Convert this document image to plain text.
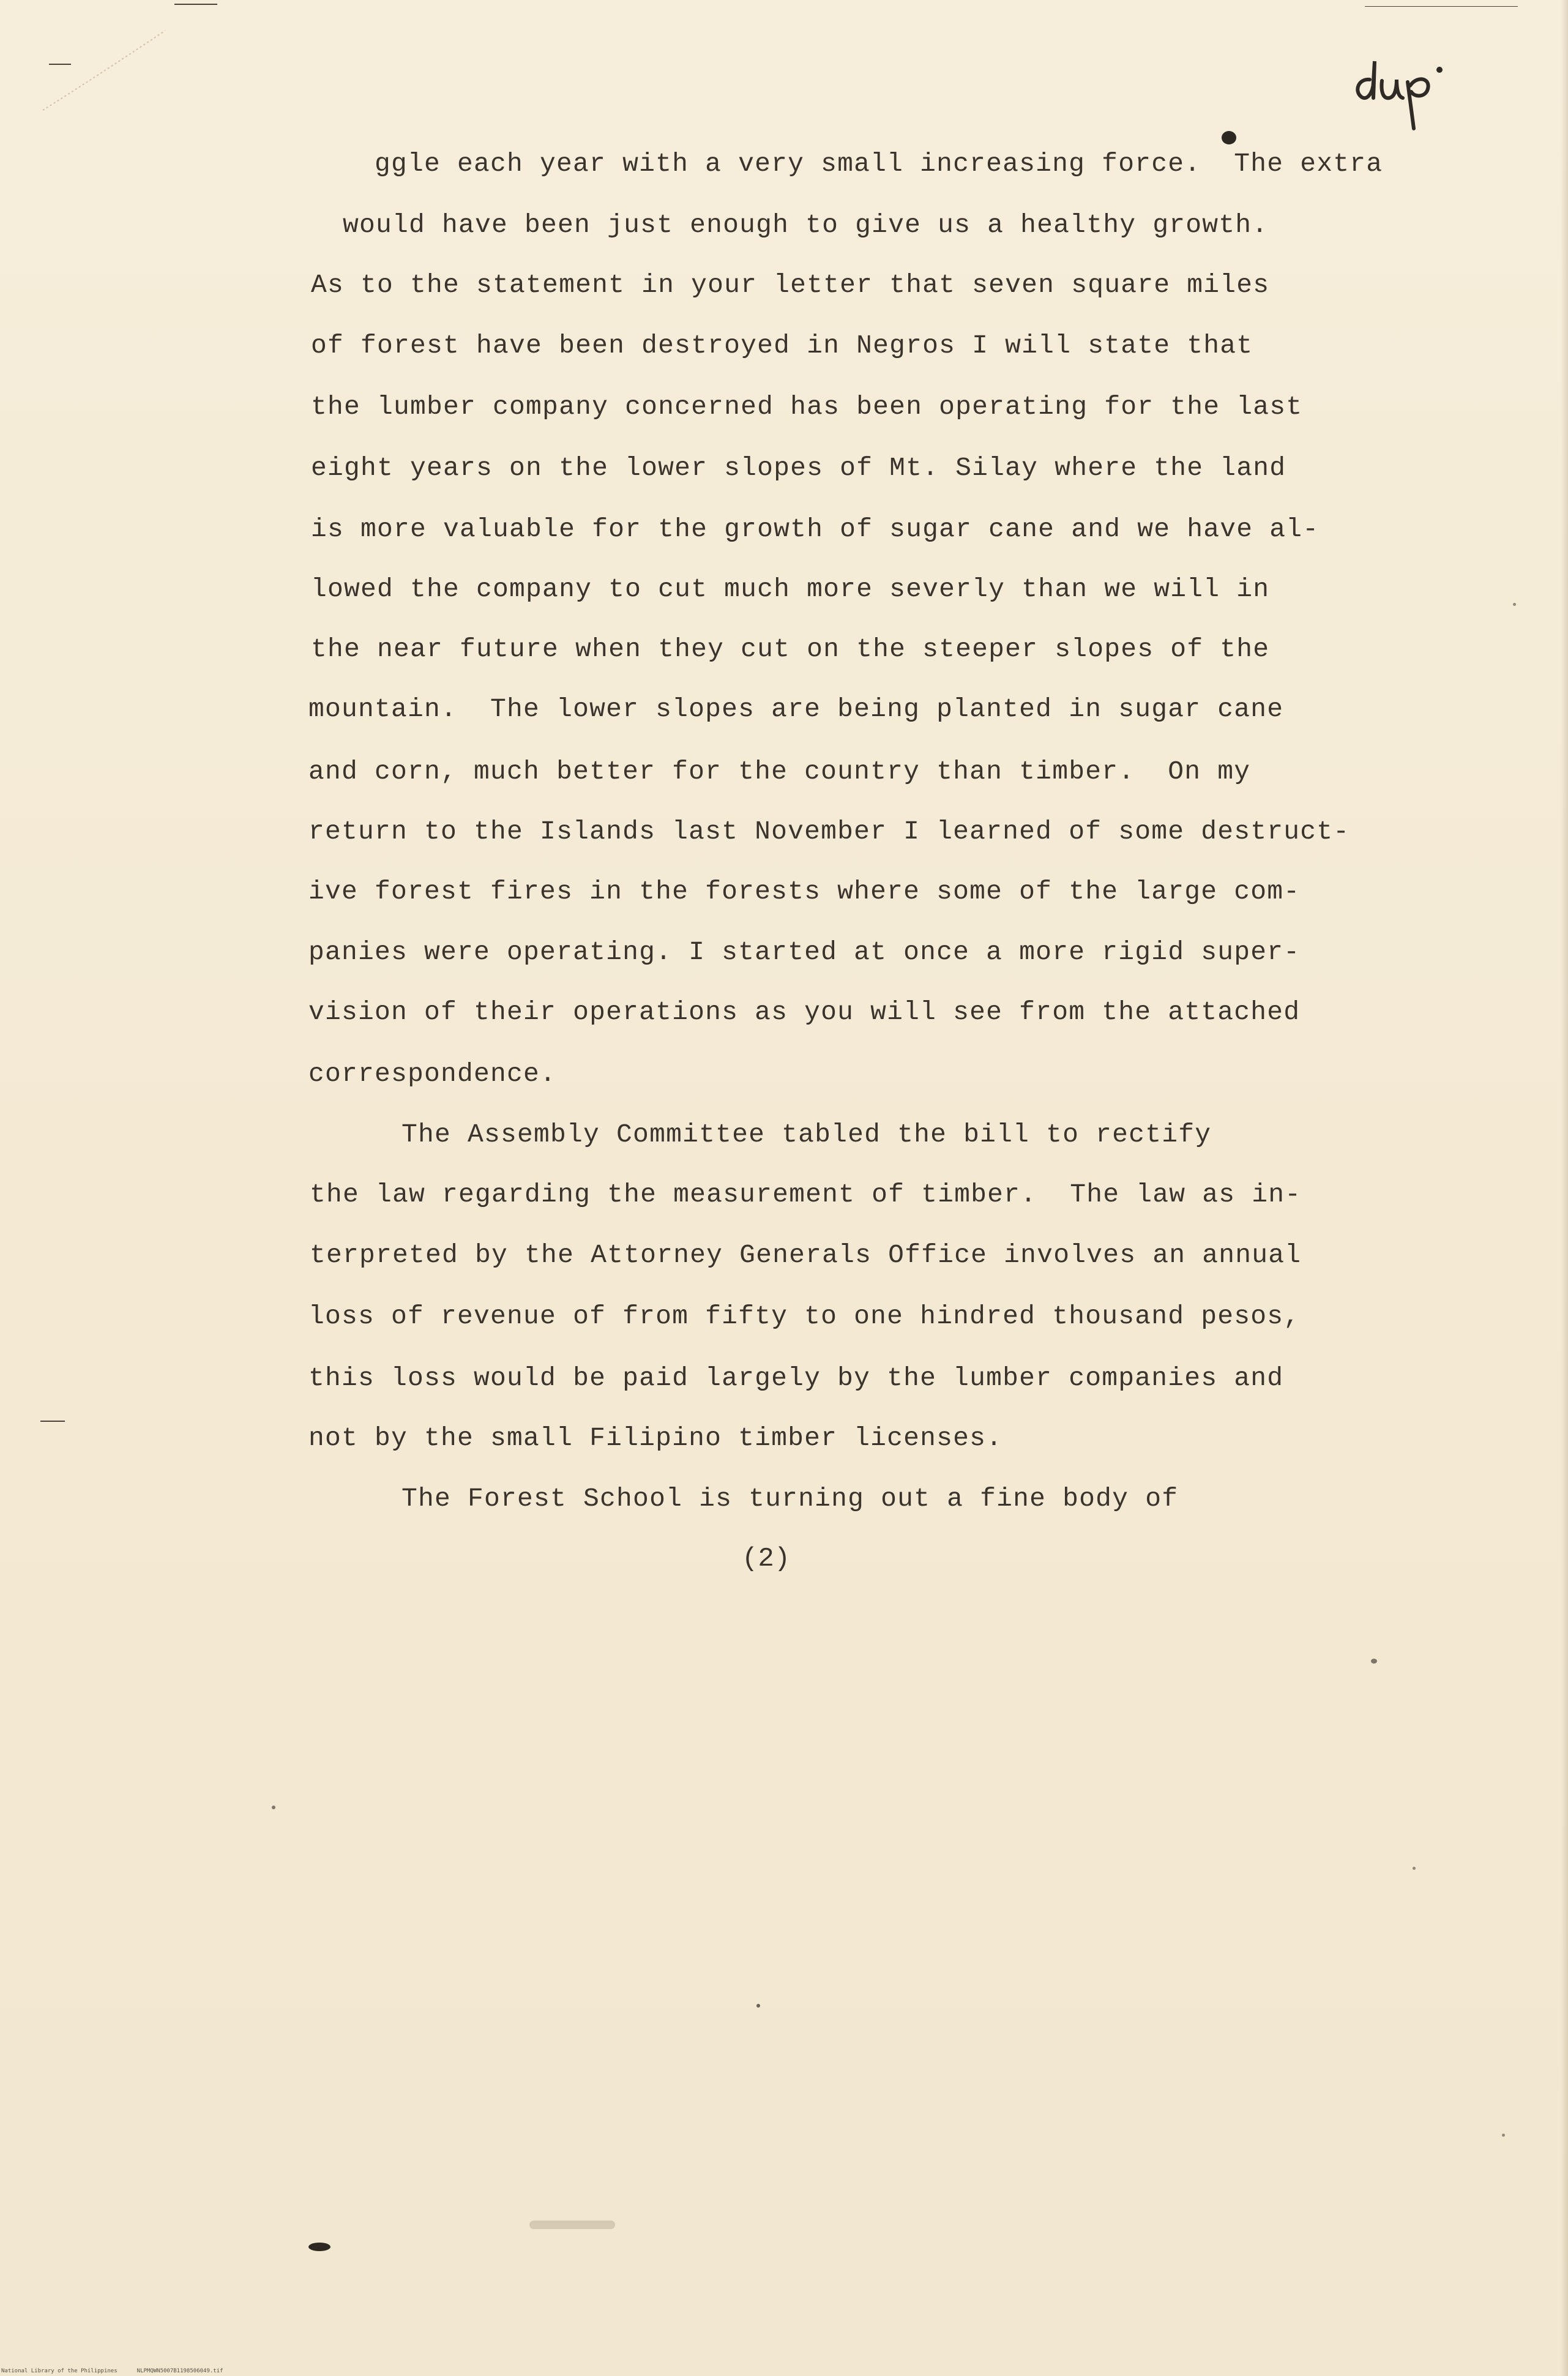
ggle each year with a very small increasing force.  The extra
would have been just enough to give us a healthy growth.
As to the statement in your letter that seven square miles
of forest have been destroyed in Negros I will state that
the lumber company concerned has been operating for the last
eight years on the lower slopes of Mt. Silay where the land
is more valuable for the growth of sugar cane and we have al-
lowed the company to cut much more severly than we will in
the near future when they cut on the steeper slopes of the
mountain.  The lower slopes are being planted in sugar cane
and corn, much better for the country than timber.  On my
return to the Islands last November I learned of some destruct-
ive forest fires in the forests where some of the large com-
panies were operating. I started at once a more rigid super-
vision of their operations as you will see from the attached
correspondence.
The Assembly Committee tabled the bill to rectify
the law regarding the measurement of timber.  The law as in-
terpreted by the Attorney Generals Office involves an annual
loss of revenue of from fifty to one hindred thousand pesos,
this loss would be paid largely by the lumber companies and
not by the small Filipino timber licenses.
The Forest School is turning out a fine body of
(2)
National Library of the Philippines	NLPMQWN5007B1198506049.tif
